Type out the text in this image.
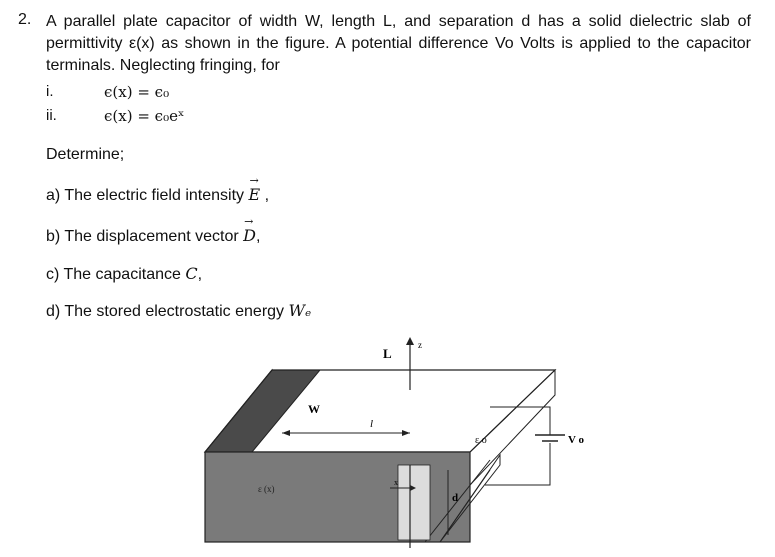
2. A parallel plate capacitor of width W, length L, and separation d has a solid dielectric slab of permittivity ε(x) as shown in the figure. A potential difference Vo Volts is applied to the capacitor terminals. Neglecting fringing, for
i.	ϵ(x) = ϵ₀
ii.	ϵ(x) = ϵ₀eˣ
Determine;
a) The electric field intensity → E ,
b) The displacement vector → D,
c) The capacitance C,
d) The stored electrostatic energy Wₑ
L
z
W
l
ε o	V o
ε (x)
x
d
